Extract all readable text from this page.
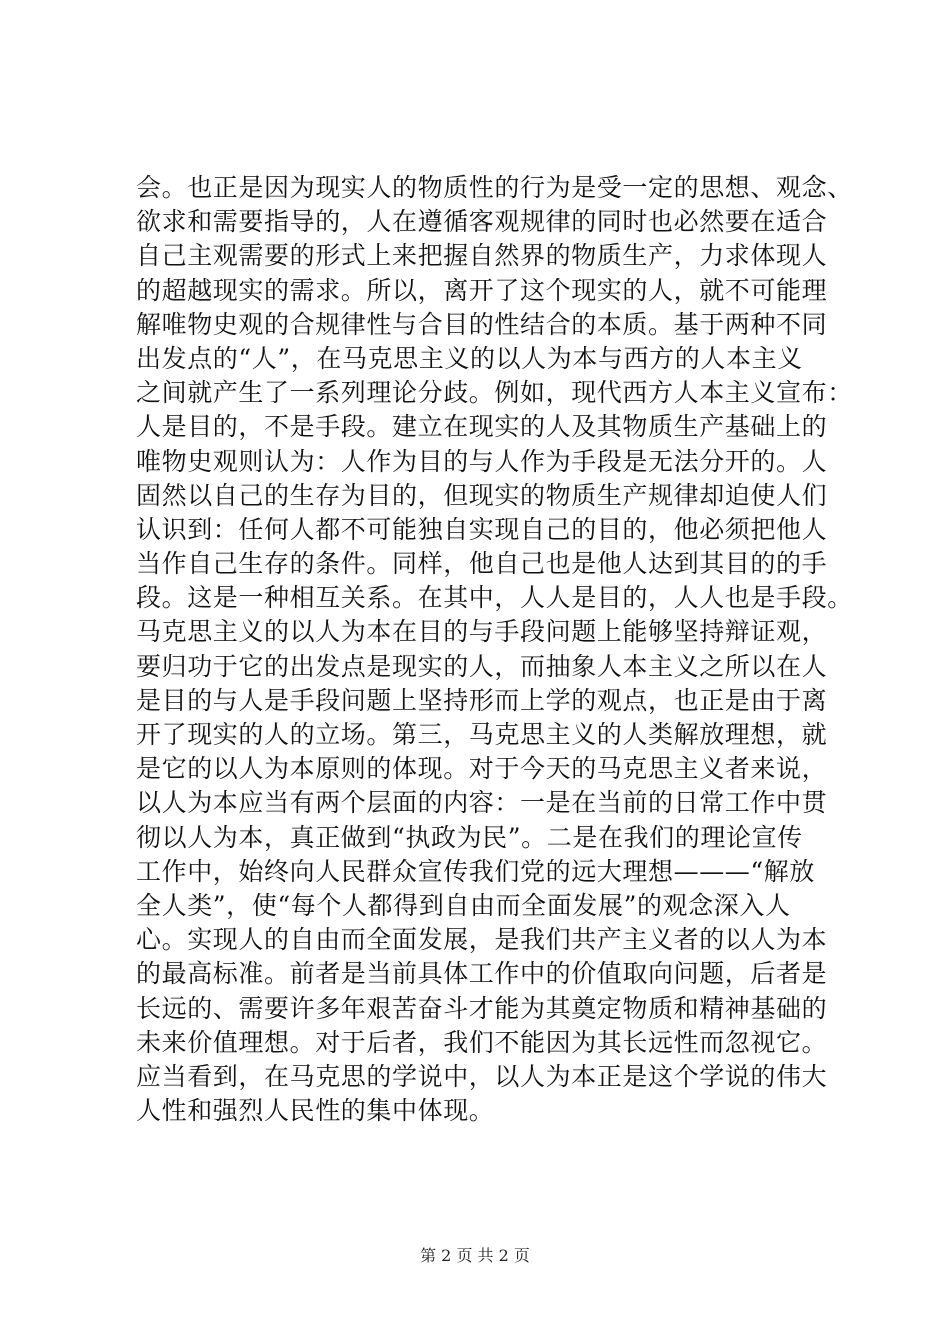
会。也正是因为现实人的物质性的行为是受一定的思想、观念、
欲求和需要指导的，人在遵循客观规律的同时也必然要在适合
自己主观需要的形式上来把握自然界的物质生产，力求体现人
的超越现实的需求。所以，离开了这个现实的人，就不可能理
解唯物史观的合规律性与合目的性结合的本质。基于两种不同
出发点的“人”，在马克思主义的以人为本与西方的人本主义
之间就产生了一系列理论分歧。例如，现代西方人本主义宣布：
人是目的，不是手段。建立在现实的人及其物质生产基础上的
唯物史观则认为：人作为目的与人作为手段是无法分开的。人
固然以自己的生存为目的，但现实的物质生产规律却迫使人们
认识到：任何人都不可能独自实现自己的目的，他必须把他人
当作自己生存的条件。同样，他自己也是他人达到其目的的手
段。这是一种相互关系。在其中，人人是目的，人人也是手段。
马克思主义的以人为本在目的与手段问题上能够坚持辩证观，
要归功于它的出发点是现实的人，而抽象人本主义之所以在人
是目的与人是手段问题上坚持形而上学的观点，也正是由于离
开了现实的人的立场。第三，马克思主义的人类解放理想，就
是它的以人为本原则的体现。对于今天的马克思主义者来说，
以人为本应当有两个层面的内容：一是在当前的日常工作中贯
彻以人为本，真正做到“执政为民”。二是在我们的理论宣传
工作中，始终向人民群众宣传我们党的远大理想———“解放
全人类”，使“每个人都得到自由而全面发展”的观念深入人
心。实现人的自由而全面发展，是我们共产主义者的以人为本
的最高标准。前者是当前具体工作中的价值取向问题，后者是
长远的、需要许多年艰苦奋斗才能为其奠定物质和精神基础的
未来价值理想。对于后者，我们不能因为其长远性而忽视它。
应当看到，在马克思的学说中，以人为本正是这个学说的伟大
人性和强烈人民性的集中体现。
第 2 页 共 2 页
